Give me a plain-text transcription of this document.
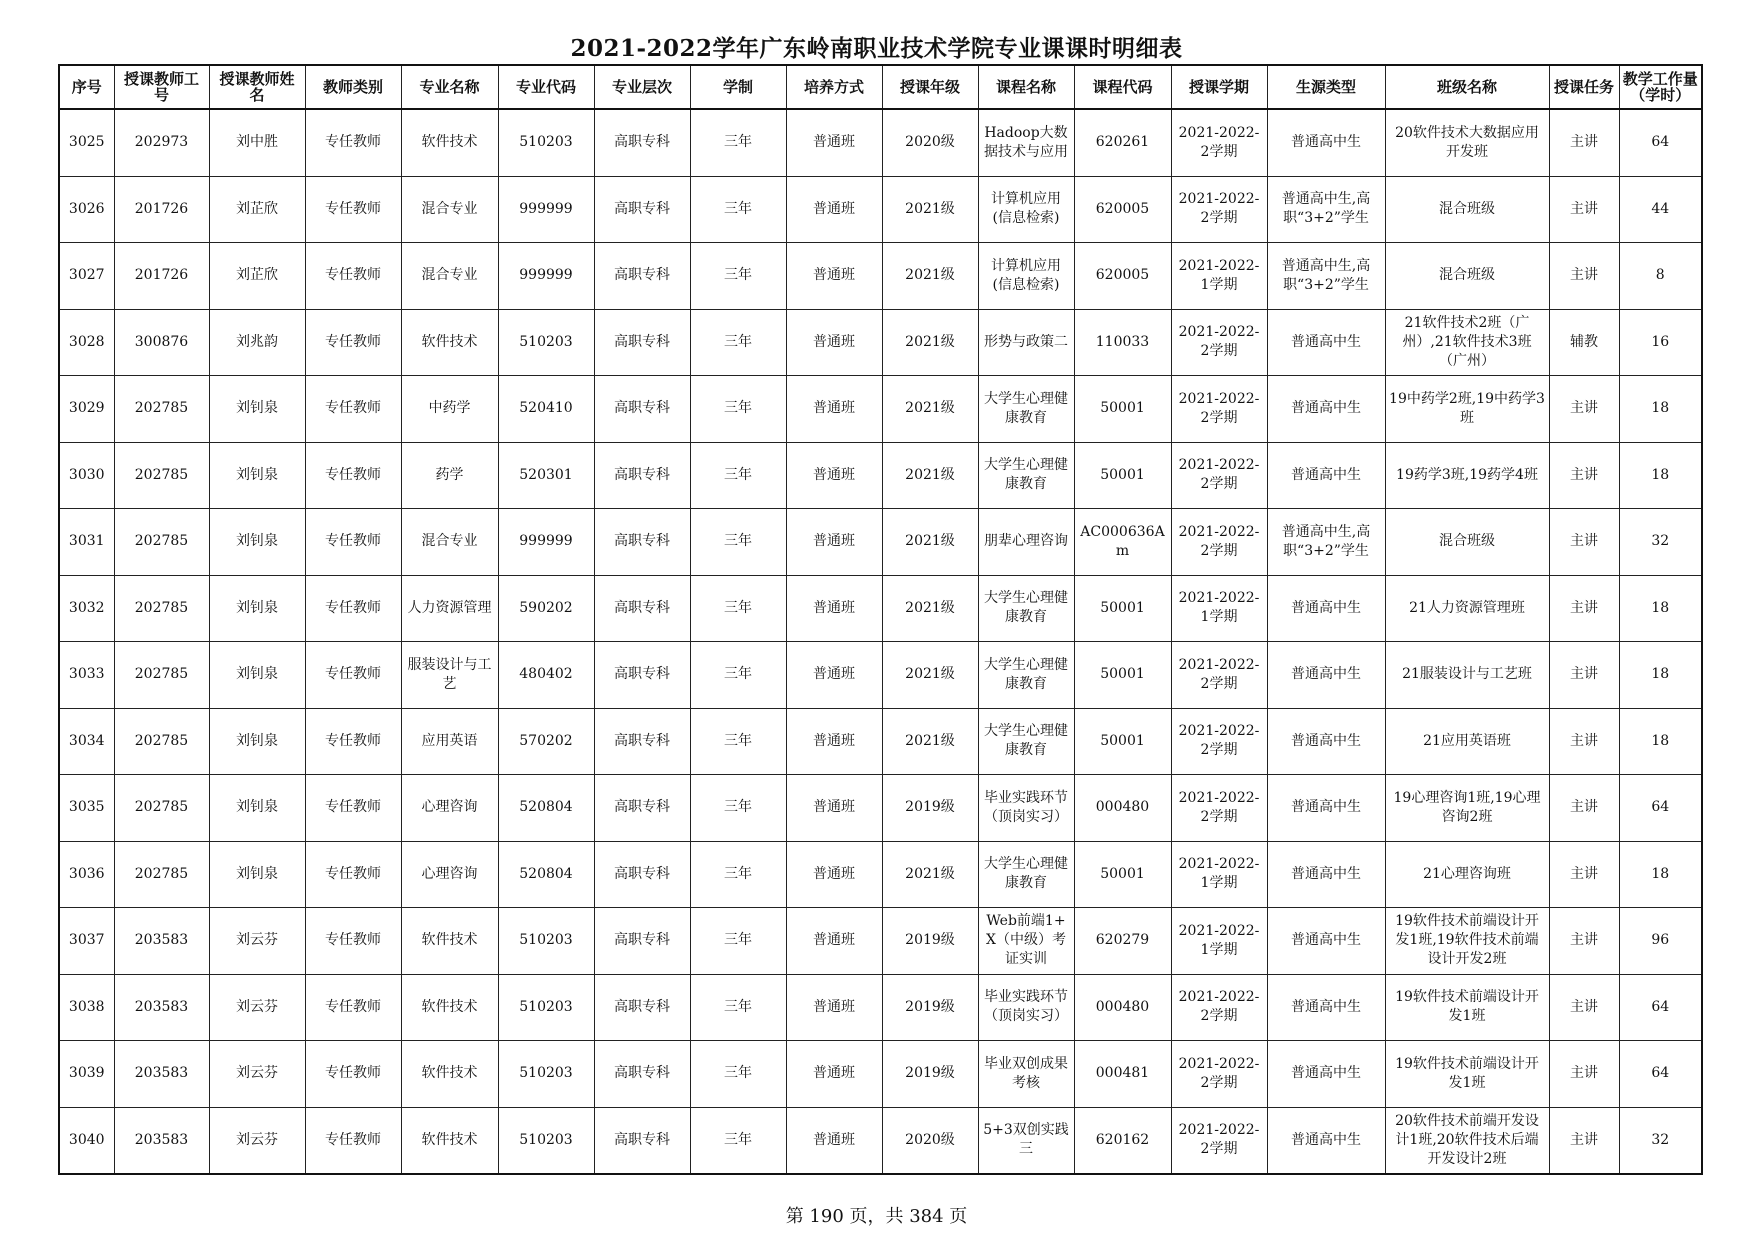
2021-2022学年广东岭南职业技术学院专业课课时明细表
序号	授课教师工号	授课教师姓名	教师类别	专业名称	专业代码	专业层次	学制	培养方式	授课年级	课程名称	课程代码	授课学期	生源类型	班级名称	授课任务	教学工作量（学时）
3025	202973	刘中胜	专任教师	软件技术	510203	高职专科	三年	普通班	2020级	Hadoop大数据技术与应用	620261	2021-2022-2学期	普通高中生	20软件技术大数据应用开发班	主讲	64
3026	201726	刘芷欣	专任教师	混合专业	999999	高职专科	三年	普通班	2021级	计算机应用(信息检索)	620005	2021-2022-2学期	普通高中生,高职“3+2”学生	混合班级	主讲	44
3027	201726	刘芷欣	专任教师	混合专业	999999	高职专科	三年	普通班	2021级	计算机应用(信息检索)	620005	2021-2022-1学期	普通高中生,高职“3+2”学生	混合班级	主讲	8
3028	300876	刘兆韵	专任教师	软件技术	510203	高职专科	三年	普通班	2021级	形势与政策二	110033	2021-2022-2学期	普通高中生	21软件技术2班（广州）,21软件技术3班（广州）	辅教	16
3029	202785	刘钊泉	专任教师	中药学	520410	高职专科	三年	普通班	2021级	大学生心理健康教育	50001	2021-2022-2学期	普通高中生	19中药学2班,19中药学3班	主讲	18
3030	202785	刘钊泉	专任教师	药学	520301	高职专科	三年	普通班	2021级	大学生心理健康教育	50001	2021-2022-2学期	普通高中生	19药学3班,19药学4班	主讲	18
3031	202785	刘钊泉	专任教师	混合专业	999999	高职专科	三年	普通班	2021级	朋辈心理咨询	AC000636Am	2021-2022-2学期	普通高中生,高职“3+2”学生	混合班级	主讲	32
3032	202785	刘钊泉	专任教师	人力资源管理	590202	高职专科	三年	普通班	2021级	大学生心理健康教育	50001	2021-2022-1学期	普通高中生	21人力资源管理班	主讲	18
3033	202785	刘钊泉	专任教师	服装设计与工艺	480402	高职专科	三年	普通班	2021级	大学生心理健康教育	50001	2021-2022-2学期	普通高中生	21服装设计与工艺班	主讲	18
3034	202785	刘钊泉	专任教师	应用英语	570202	高职专科	三年	普通班	2021级	大学生心理健康教育	50001	2021-2022-2学期	普通高中生	21应用英语班	主讲	18
3035	202785	刘钊泉	专任教师	心理咨询	520804	高职专科	三年	普通班	2019级	毕业实践环节（顶岗实习）	000480	2021-2022-2学期	普通高中生	19心理咨询1班,19心理咨询2班	主讲	64
3036	202785	刘钊泉	专任教师	心理咨询	520804	高职专科	三年	普通班	2021级	大学生心理健康教育	50001	2021-2022-1学期	普通高中生	21心理咨询班	主讲	18
3037	203583	刘云芬	专任教师	软件技术	510203	高职专科	三年	普通班	2019级	Web前端1+X（中级）考证实训	620279	2021-2022-1学期	普通高中生	19软件技术前端设计开发1班,19软件技术前端设计开发2班	主讲	96
3038	203583	刘云芬	专任教师	软件技术	510203	高职专科	三年	普通班	2019级	毕业实践环节（顶岗实习）	000480	2021-2022-2学期	普通高中生	19软件技术前端设计开发1班	主讲	64
3039	203583	刘云芬	专任教师	软件技术	510203	高职专科	三年	普通班	2019级	毕业双创成果考核	000481	2021-2022-2学期	普通高中生	19软件技术前端设计开发1班	主讲	64
3040	203583	刘云芬	专任教师	软件技术	510203	高职专科	三年	普通班	2020级	5+3双创实践三	620162	2021-2022-2学期	普通高中生	20软件技术前端开发设计1班,20软件技术后端开发设计2班	主讲	32
第 190 页，共 384 页
